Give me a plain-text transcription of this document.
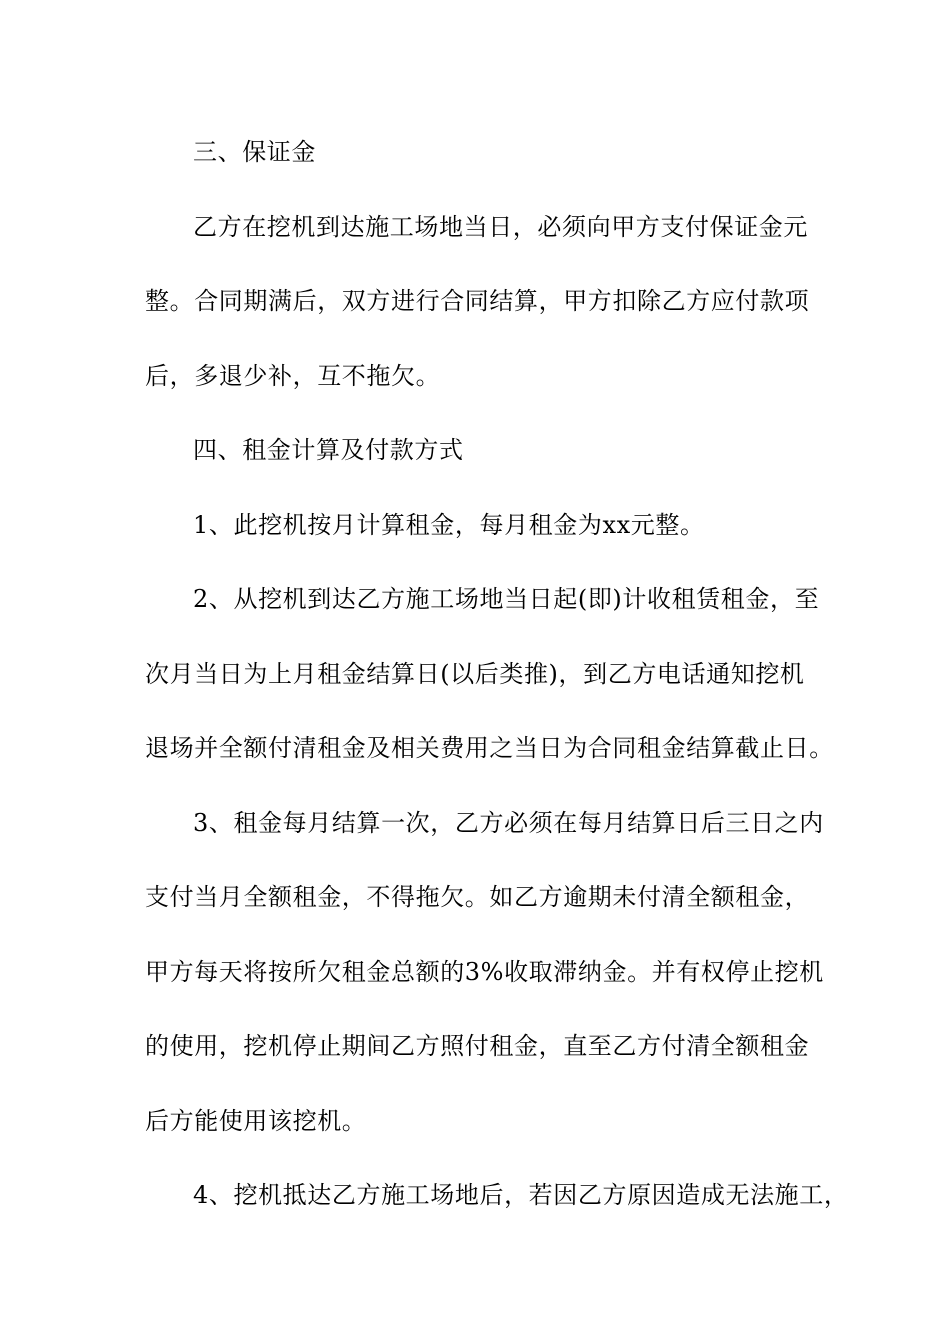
三、保证金
乙方在挖机到达施工场地当日，必须向甲方支付保证金元
整。合同期满后，双方进行合同结算，甲方扣除乙方应付款项
后，多退少补，互不拖欠。
四、租金计算及付款方式
1、此挖机按月计算租金，每月租金为xx元整。
2、从挖机到达乙方施工场地当日起(即)计收租赁租金，至
次月当日为上月租金结算日(以后类推)，到乙方电话通知挖机
退场并全额付清租金及相关费用之当日为合同租金结算截止日。
3、租金每月结算一次，乙方必须在每月结算日后三日之内
支付当月全额租金，不得拖欠。如乙方逾期未付清全额租金，
甲方每天将按所欠租金总额的3%收取滞纳金。并有权停止挖机
的使用，挖机停止期间乙方照付租金，直至乙方付清全额租金
后方能使用该挖机。
4、挖机抵达乙方施工场地后，若因乙方原因造成无法施工，
